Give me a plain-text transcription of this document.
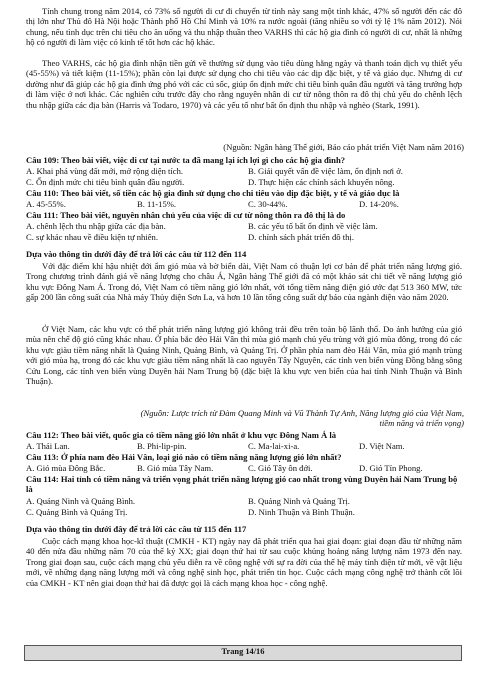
Tính chung trong năm 2014, có 73% số người di cư đi chuyển từ tỉnh này sang một tỉnh khác, 47% số người đến các đô thị lớn như Thủ đô Hà Nội hoặc Thành phố Hồ Chí Minh và 10% ra nước ngoài (tăng nhiều so với tỷ lệ 1% năm 2012). Nói chung, nếu tình dục trên chi tiêu cho ăn uống và thu nhập thuần theo VARHS thì các hộ gia đình có người di cư, nhất là những hộ có người đi làm việc có kinh tế tốt hơn các hộ khác.
Theo VARHS, các hộ gia đình nhận tiền gửi về thường sử dụng vào tiêu dùng hằng ngày và thanh toán dịch vụ thiết yếu (45-55%) và tiết kiệm (11-15%); phần còn lại được sử dụng cho chi tiêu vào các dịp đặc biệt, y tế và giáo dục. Nhưng di cư dường như đã giúp các hộ gia đình ứng phó với các cú sốc, giúp ổn định mức chi tiêu bình quân đầu người và tăng trưởng hợp đi làm việc ở nơi khác. Các nghiên cứu trước đây cho rằng nguyên nhân di cư từ nông thôn ra đô thị chủ yếu do chênh lệch thu nhập giữa các địa bàn (Harris và Todaro, 1970) và các yếu tố như bất ổn định thu nhập và nghèo (Stark, 1991).
(Nguồn: Ngân hàng Thế giới, Báo cáo phát triển Việt Nam năm 2016)
Câu 109: Theo bài viết, việc di cư tại nước ta đã mang lại ích lợi gì cho các hộ gia đình?
A. Khai phá vùng đất mới, mở rộng diện tích.	B. Giải quyết vấn đề việc làm, ổn định nơi ở.
C. Ổn định mức chi tiêu bình quân đầu người.	D. Thực hiện các chính sách khuyến nông.
Câu 110: Theo bài viết, số tiền các hộ gia đình sử dụng cho chi tiêu vào dịp đặc biệt, y tế và giáo dục là
A. 45-55%.	B. 11-15%.	C. 30-44%.	D. 14-20%.
Câu 111: Theo bài viết, nguyên nhân chủ yếu của việc di cư từ nông thôn ra đô thị là do
A. chênh lệch thu nhập giữa các địa bàn.	B. các yếu tố bất ổn định về việc làm.
C. sự khác nhau về điều kiện tự nhiên.	D. chính sách phát triển đô thị.
Dựa vào thông tin dưới đây để trả lời các câu từ 112 đến 114
Với đặc điểm khí hậu nhiệt đới ẩm gió mùa và bờ biển dài, Việt Nam có thuận lợi cơ bản để phát triển năng lượng gió. Trong chương trình đánh giá về năng lượng cho châu Á, Ngân hàng Thế giới đã có một khảo sát chi tiết về năng lượng gió khu vực Đông Nam Á. Trong đó, Việt Nam có tiềm năng gió lớn nhất, với tổng tiềm năng điện gió ước đạt 513 360 MW, tức gấp 200 lần công suất của Nhà máy Thủy điện Sơn La, và hơn 10 lần tổng công suất dự báo của ngành điện vào năm 2020.
Ở Việt Nam, các khu vực có thể phát triển năng lượng gió không trải đều trên toàn bộ lãnh thổ. Do ảnh hưởng của gió mùa nên chế độ gió cũng khác nhau. Ở phía bắc đèo Hải Vân thì mùa gió mạnh chủ yếu trùng với gió mùa đông, trong đó các khu vực giàu tiềm năng nhất là Quảng Ninh, Quảng Bình, và Quảng Trị. Ở phần phía nam đèo Hải Vân, mùa gió mạnh trùng với gió mùa hạ, trong đó các khu vực giàu tiềm năng nhất là cao nguyên Tây Nguyên, các tỉnh ven biển vùng Đồng bằng sông Cửu Long, các tỉnh ven biển vùng Duyên hải Nam Trung bộ (đặc biệt là khu vực ven biển của hai tỉnh Ninh Thuận và Bình Thuận).
(Nguồn: Lược trích từ Đàm Quang Minh và Vũ Thành Tự Anh, Năng lượng gió của Việt Nam,
tiềm năng và triển vọng)
Câu 112: Theo bài viết, quốc gia có tiềm năng gió lớn nhất ở khu vực Đông Nam Á là
A. Thái Lan.	B. Phi-lip-pin.	C. Ma-lai-xi-a.	D. Việt Nam.
Câu 113: Ở phía nam đèo Hải Vân, loại gió nào có tiềm năng năng lượng gió lớn nhất?
A. Gió mùa Đông Bắc.	B. Gió mùa Tây Nam.	C. Gió Tây ôn đới.	D. Gió Tín Phong.
Câu 114: Hai tỉnh có tiềm năng và triển vọng phát triển năng lượng gió cao nhất trong vùng Duyên hải Nam Trung bộ là
A. Quảng Ninh và Quảng Bình.	B. Quảng Ninh và Quảng Trị.
C. Quảng Bình và Quảng Trị.	D. Ninh Thuận và Bình Thuận.
Dựa vào thông tin dưới đây để trả lời các câu từ 115 đến 117
Cuộc cách mạng khoa học-kĩ thuật (CMKH - KT) ngày nay đã phát triển qua hai giai đoạn: giai đoạn đầu từ những năm 40 đến nửa đầu những năm 70 của thế kỷ XX; giai đoạn thứ hai từ sau cuộc khủng hoảng năng lượng năm 1973 đến nay. Trong giai đoạn sau, cuộc cách mạng chủ yếu diễn ra về công nghệ với sự ra đời của thế hệ máy tính điện tử mới, về vật liệu mới, về những dạng năng lượng mới và công nghệ sinh học, phát triển tin học. Cuộc cách mạng công nghệ trở thành cốt lõi của CMKH - KT nên giai đoạn thứ hai đã được gọi là cách mạng khoa học - công nghệ.
Trang 14/16
